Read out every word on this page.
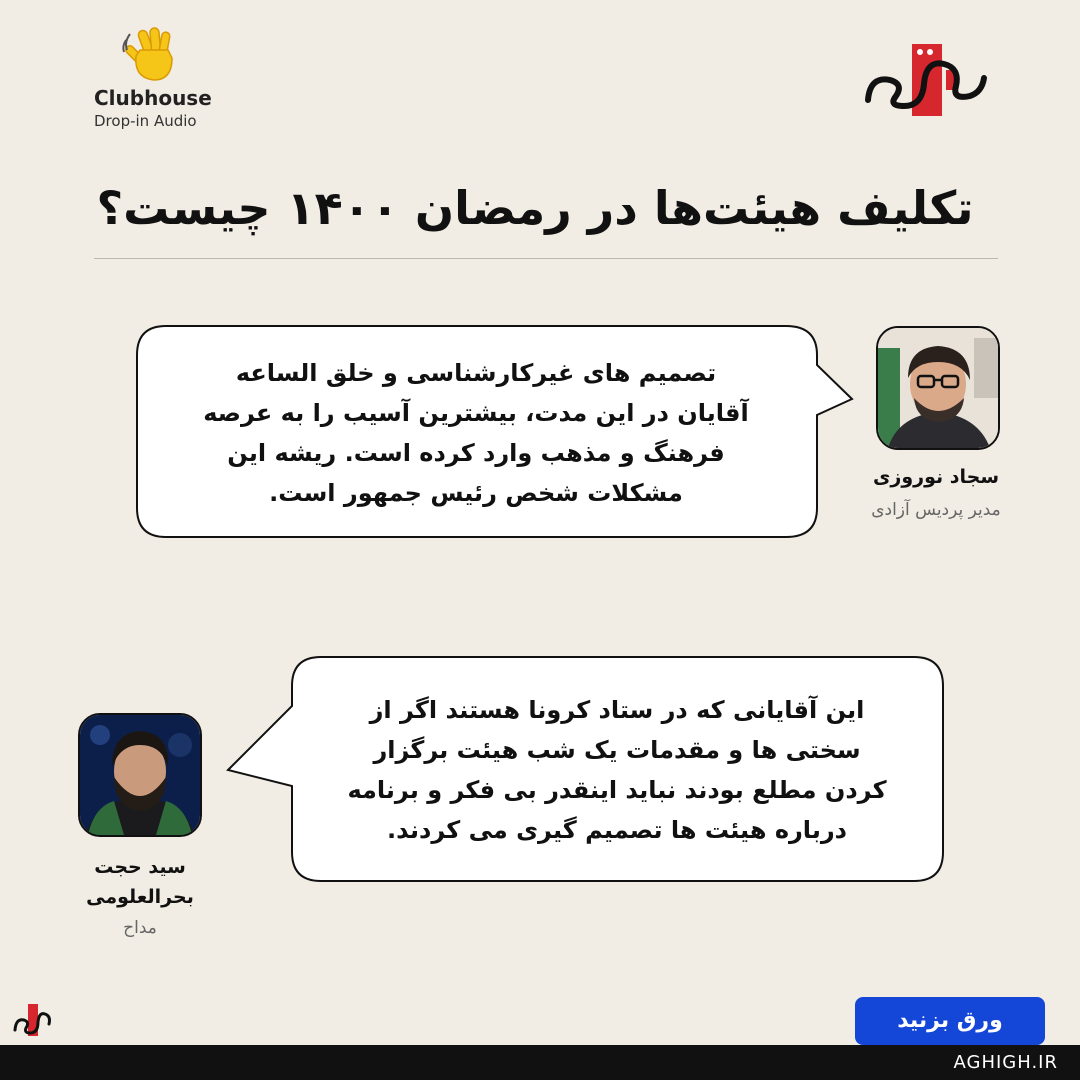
Clubhouse
Drop-in Audio
تکلیف هیئت‌ها در رمضان ۱۴۰۰ چیست؟
تصمیم های غیرکارشناسی و خلق الساعه
آقایان در این مدت، بیشترین آسیب را به عرصه
فرهنگ و مذهب وارد کرده است. ریشه این
مشکلات شخص رئیس جمهور است.
سجاد نوروزی
مدیر پردیس آزادی
این آقایانی که در ستاد کرونا هستند اگر از
سختی ها و مقدمات یک شب هیئت برگزار
کردن مطلع بودند نباید اینقدر بی فکر و برنامه
درباره هیئت ها تصمیم گیری می کردند.
سید حجت
بحرالعلومی
مداح
ورق بزنید
AGHIGH.IR
